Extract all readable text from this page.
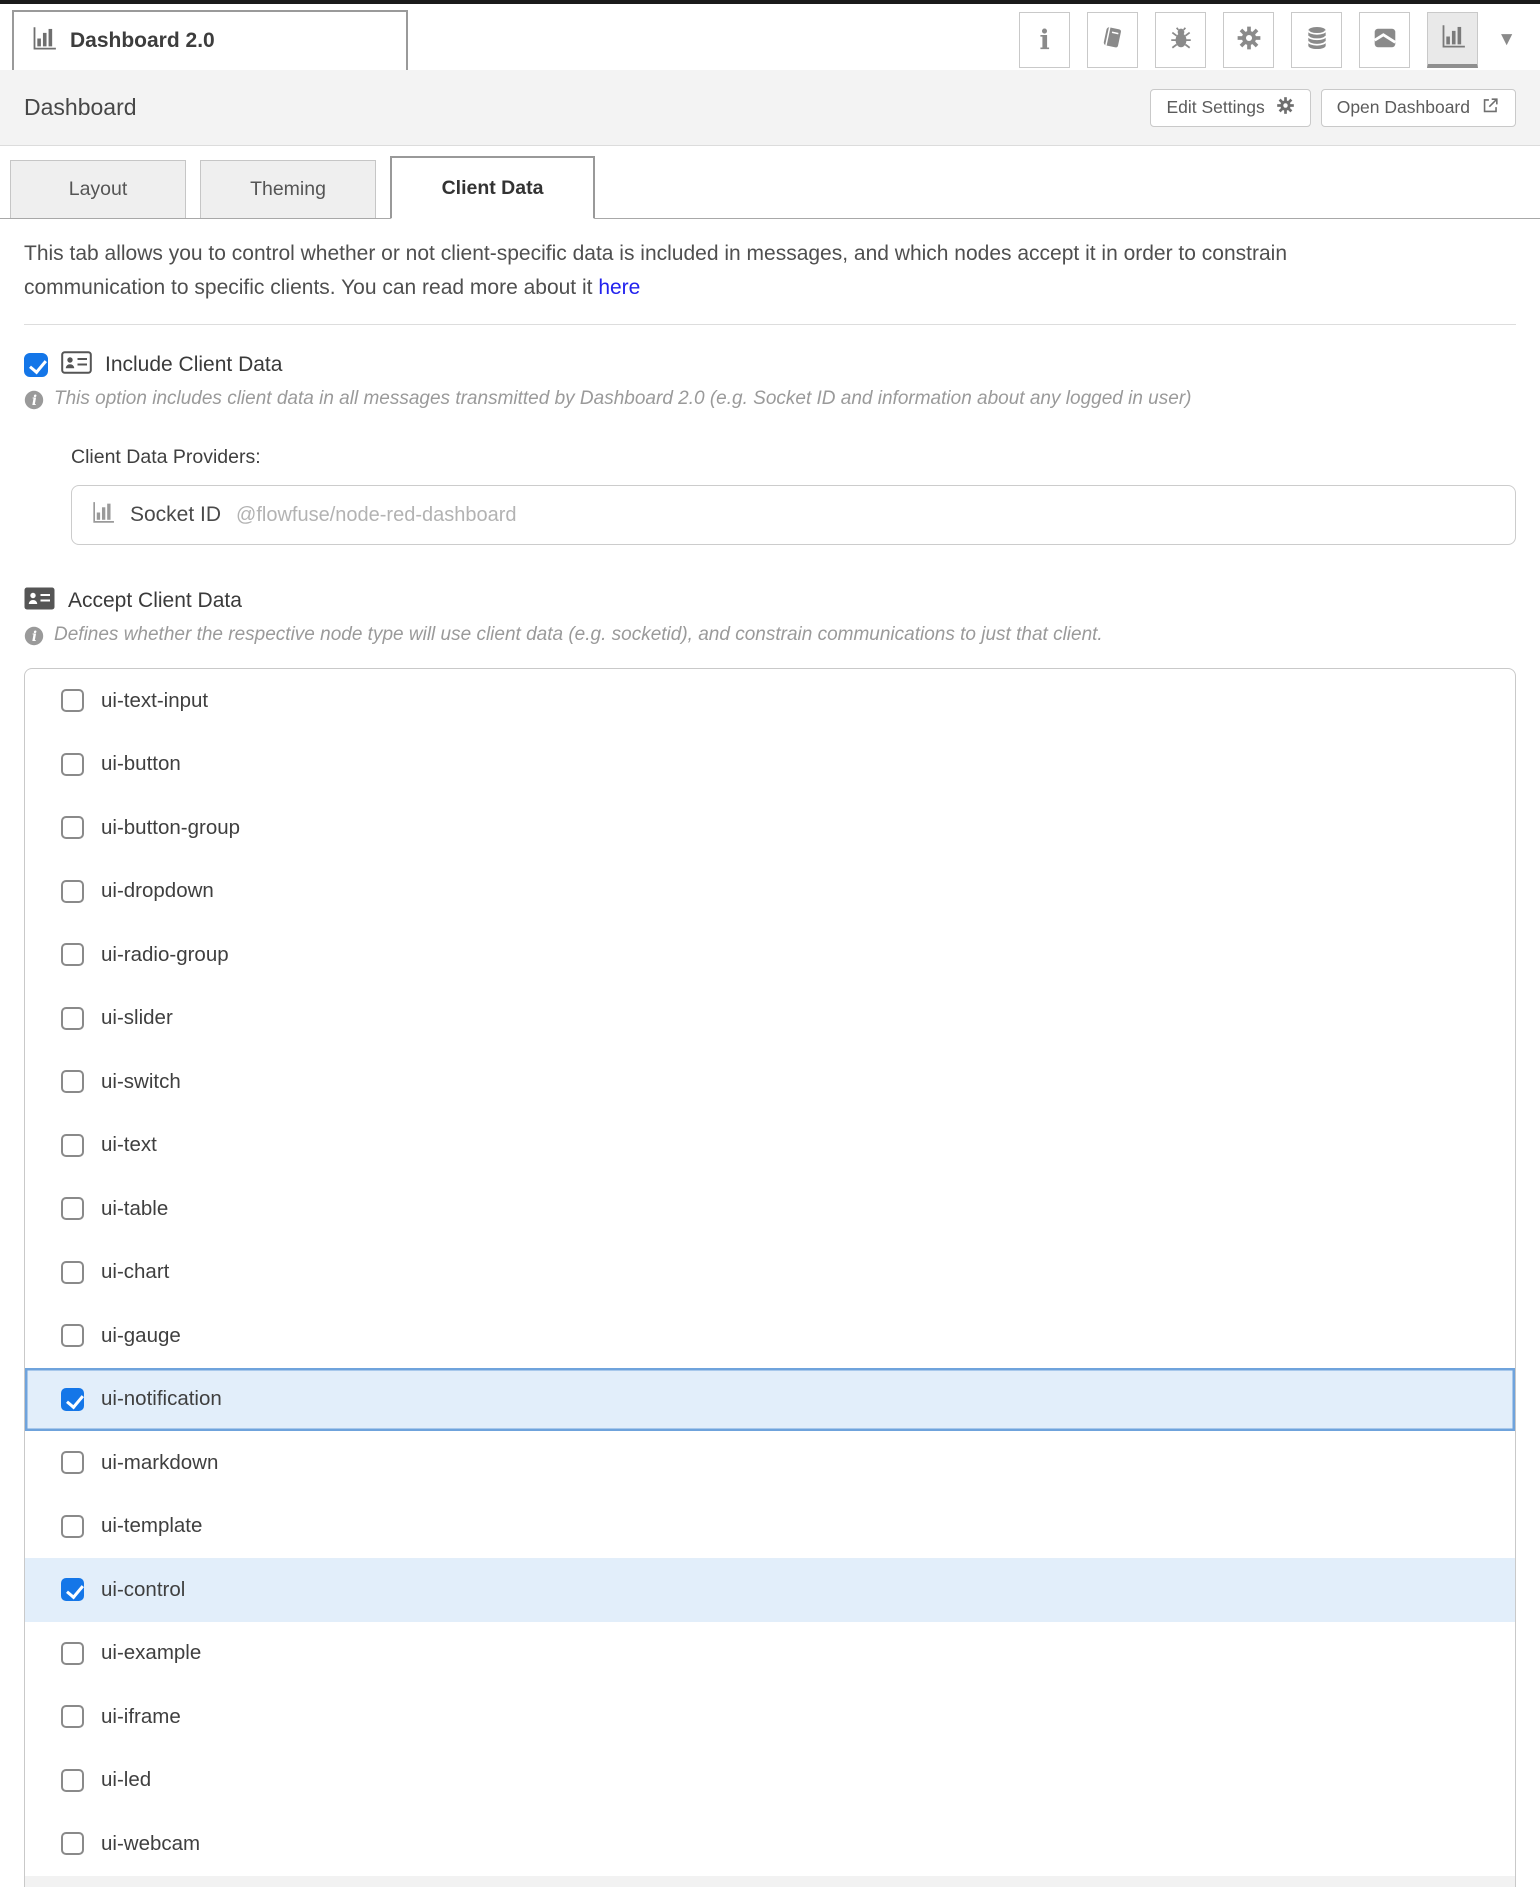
Dashboard 2.0	i	▼
Dashboard	Edit Settings	Open Dashboard
Layout	Theming	Client Data

This tab allows you to control whether or not client-specific data is included in messages, and which nodes accept it in order to constrain communication to specific clients. You can read more about it here

Include Client Data
i This option includes client data in all messages transmitted by Dashboard 2.0 (e.g. Socket ID and information about any logged in user)
Client Data Providers:
Socket ID @flowfuse/node-red-dashboard
Accept Client Data
i Defines whether the respective node type will use client data (e.g. socketid), and constrain communications to just that client.
ui-text-input
ui-button
ui-button-group
ui-dropdown
ui-radio-group
ui-slider
ui-switch
ui-text
ui-table
ui-chart
ui-gauge
ui-notification
ui-markdown
ui-template
ui-control
ui-example
ui-iframe
ui-led
ui-webcam
